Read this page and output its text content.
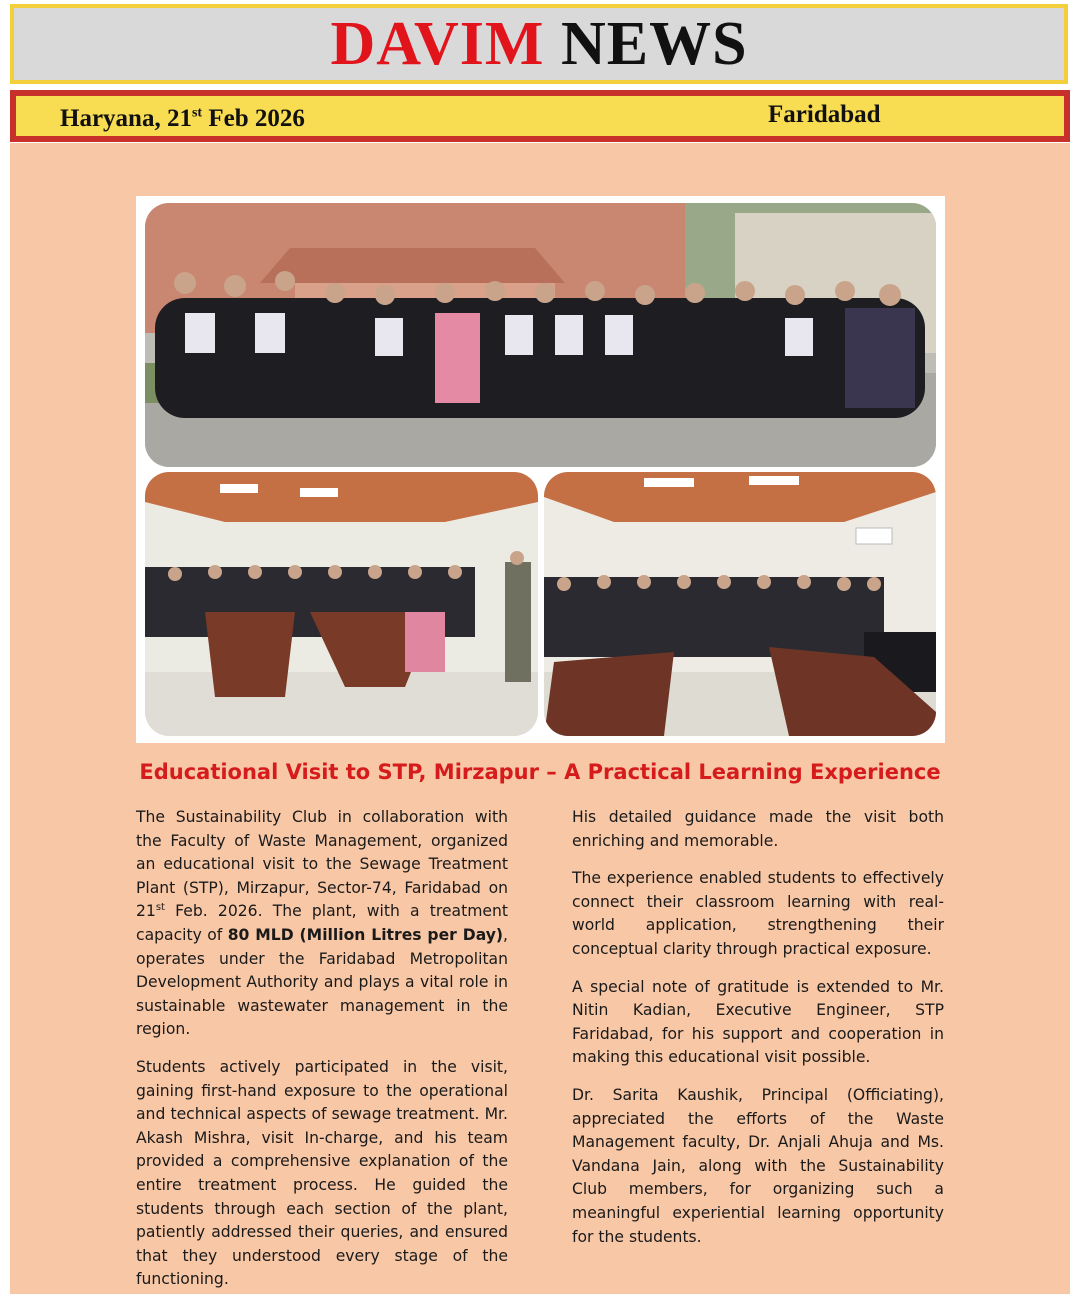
DAVIM NEWS
Haryana, 21st Feb 2026	Faridabad
Educational Visit to STP, Mirzapur – A Practical Learning Experience

The Sustainability Club in collaboration with the Faculty of Waste Management, organized an educational visit to the Sewage Treatment Plant (STP), Mirzapur, Sector-74, Faridabad on 21st Feb. 2026. The plant, with a treatment capacity of 80 MLD (Million Litres per Day), operates under the Faridabad Metropolitan Development Authority and plays a vital role in sustainable wastewater management in the region.

Students actively participated in the visit, gaining first-hand exposure to the operational and technical aspects of sewage treatment. Mr. Akash Mishra, visit In-charge, and his team provided a comprehensive explanation of the entire treatment process. He guided the students through each section of the plant, patiently addressed their queries, and ensured that they understood every stage of the functioning.

His detailed guidance made the visit both enriching and memorable.

The experience enabled students to effectively connect their classroom learning with real-world application, strengthening their conceptual clarity through practical exposure.

A special note of gratitude is extended to Mr. Nitin Kadian, Executive Engineer, STP Faridabad, for his support and cooperation in making this educational visit possible.

Dr. Sarita Kaushik, Principal (Officiating), appreciated the efforts of the Waste Management faculty, Dr. Anjali Ahuja and Ms. Vandana Jain, along with the Sustainability Club members, for organizing such a meaningful experiential learning opportunity for the students.
